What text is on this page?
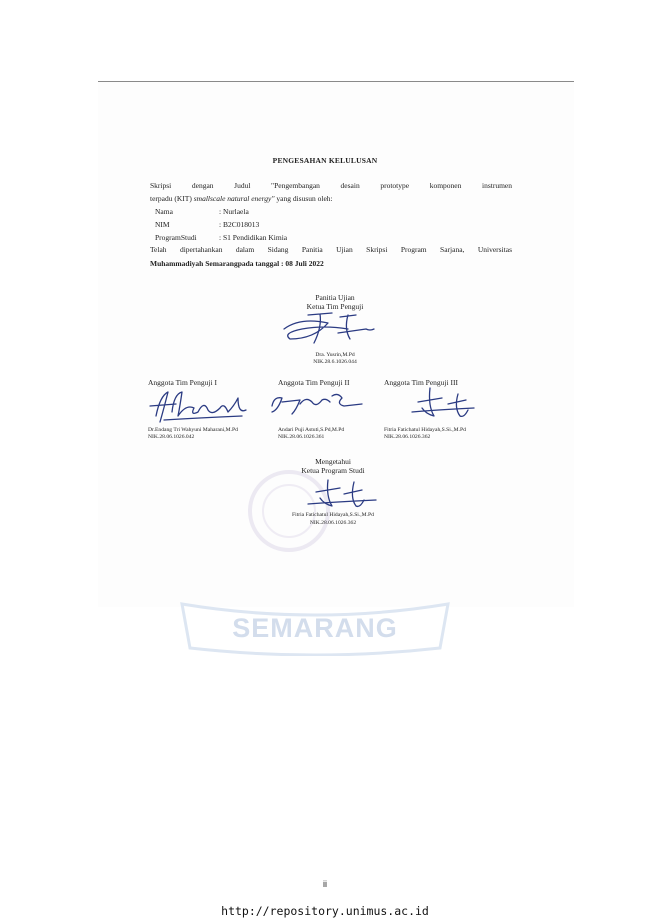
SEMARANG
PENGESAHAN KELULUSAN
Skripsi dengan Judul "Pengembangan desain prototype komponen instrumen
terpadu (KIT) smallscale natural energy" yang disusun oleh:
Nama	: Nurlaela
NIM	: B2C018013
ProgramStudi	: S1 Pendidikan Kimia
Telah dipertahankan dalam Sidang Panitia Ujian Skripsi Program Sarjana, Universitas
Muhammadiyah Semarangpada tanggal : 08 Juli 2022
Panitia Ujian
Ketua Tim Penguji
Dra. Yusrin,M.Pd
NIK.28.6.1026.044
Anggota Tim Penguji I	Anggota Tim Penguji II	Anggota Tim Penguji III
Dr.Endang Tri Wahyuni Maharani,M.Pd
NIK.28.06.1026.042
Andari Puji Astuti,S.Pd,M.Pd
NIK.28.06.1026.361
Fitria Fatichatul Hidayah,S.Si.,M.Pd
NIK.28.06.1026.362
Mengetahui
Ketua Program Studi
Fitria Fatichatul Hidayah,S.Si.,M.Pd
NIK.28.06.1026.362
ii
http://repository.unimus.ac.id
